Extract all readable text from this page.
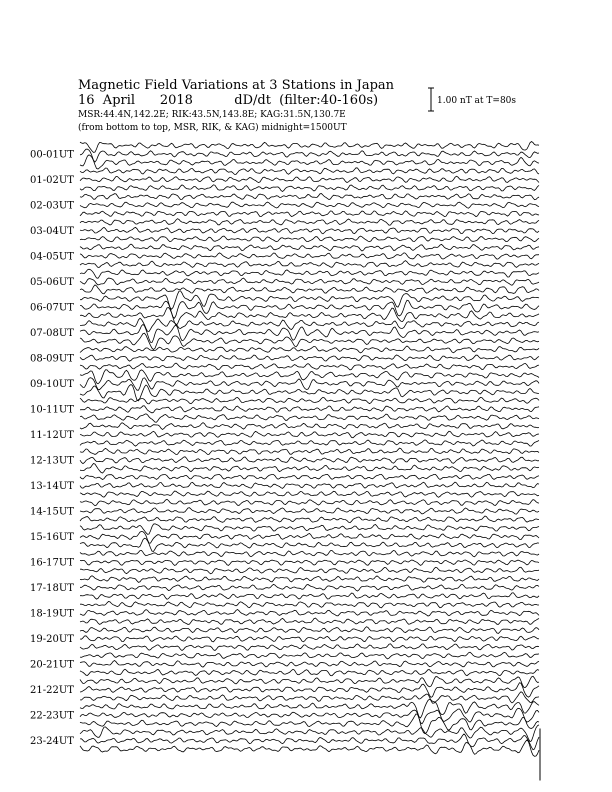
Magnetic Field Variations at 3 Stations in Japan
16  April      2018          dD/dt  (filter:40-160s)
MSR:44.4N,142.2E; RIK:43.5N,143.8E; KAG:31.5N,130.7E
(from bottom to top, MSR, RIK, & KAG) midnight=1500UT
1.00 nT at T=80s
00-01UT
01-02UT
02-03UT
03-04UT
04-05UT
05-06UT
06-07UT
07-08UT
08-09UT
09-10UT
10-11UT
11-12UT
12-13UT
13-14UT
14-15UT
15-16UT
16-17UT
17-18UT
18-19UT
19-20UT
20-21UT
21-22UT
22-23UT
23-24UT
